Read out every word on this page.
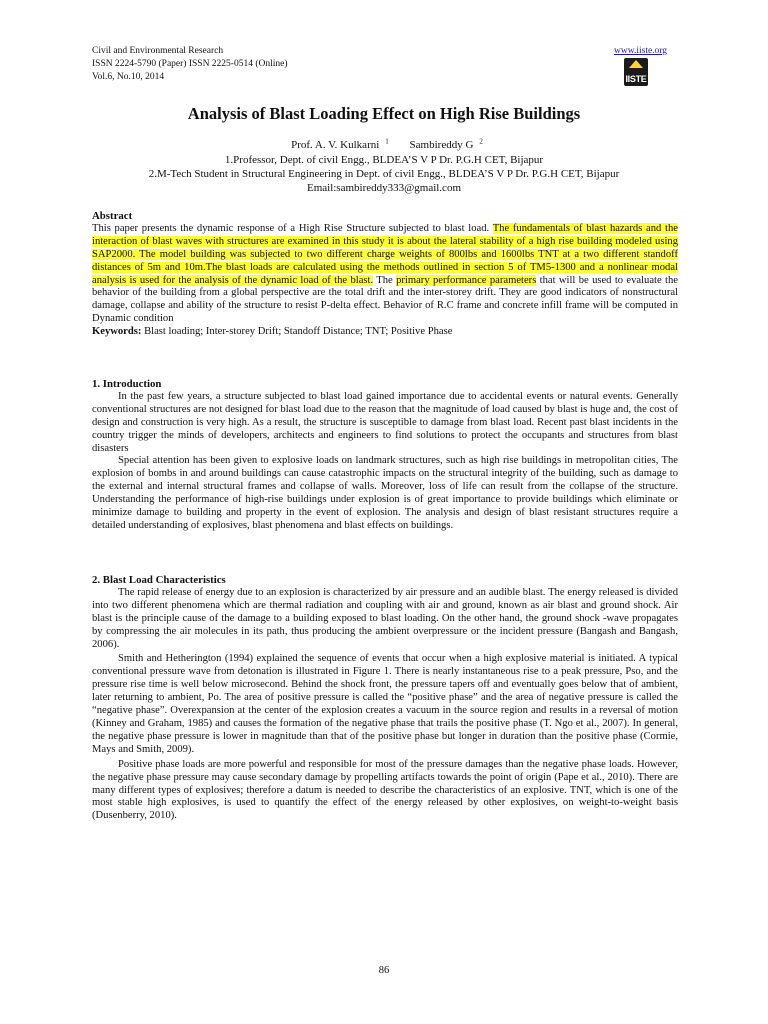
Civil and Environmental Research
ISSN 2224-5790 (Paper) ISSN 2225-0514 (Online)
Vol.6, No.10, 2014
www.iiste.org
IISTE
Analysis of Blast Loading Effect on High Rise Buildings
Prof. A. V. Kulkarni $^1$ Sambireddy G $^2$
1.Professor, Dept. of civil Engg., BLDEA’S V P Dr. P.G.H CET, Bijapur
2.M-Tech Student in Structural Engineering in Dept. of civil Engg., BLDEA’S V P Dr. P.G.H CET, Bijapur
Email:sambireddy333@gmail.com

Abstract

This paper presents the dynamic response of a High Rise Structure subjected to blast load. The fundamentals of blast hazards and the interaction of blast waves with structures are examined in this study it is about the lateral stability of a high rise building modeled using SAP2000. The model building was subjected to two different charge weights of 800lbs and 1600lbs TNT at a two different standoff distances of 5m and 10m.The blast loads are calculated using the methods outlined in section 5 of TM5-1300 and a nonlinear modal analysis is used for the analysis of the dynamic load of the blast. The primary performance parameters that will be used to evaluate the behavior of the building from a global perspective are the total drift and the inter-storey drift. They are good indicators of nonstructural damage, collapse and ability of the structure to resist P-delta effect. Behavior of R.C frame and concrete infill frame will be computed in Dynamic condition

Keywords: Blast loading; Inter-storey Drift; Standoff Distance; TNT; Positive Phase

1. Introduction

In the past few years, a structure subjected to blast load gained importance due to accidental events or natural events. Generally conventional structures are not designed for blast load due to the reason that the magnitude of load caused by blast is huge and, the cost of design and construction is very high. As a result, the structure is susceptible to damage from blast load. Recent past blast incidents in the country trigger the minds of developers, architects and engineers to find solutions to protect the occupants and structures from blast disasters

Special attention has been given to explosive loads on landmark structures, such as high rise buildings in metropolitan cities, The explosion of bombs in and around buildings can cause catastrophic impacts on the structural integrity of the building, such as damage to the external and internal structural frames and collapse of walls. Moreover, loss of life can result from the collapse of the structure. Understanding the performance of high-rise buildings under explosion is of great importance to provide buildings which eliminate or minimize damage to building and property in the event of explosion. The analysis and design of blast resistant structures require a detailed understanding of explosives, blast phenomena and blast effects on buildings.

2. Blast Load Characteristics

The rapid release of energy due to an explosion is characterized by air pressure and an audible blast. The energy released is divided into two different phenomena which are thermal radiation and coupling with air and ground, known as air blast and ground shock. Air blast is the principle cause of the damage to a building exposed to blast loading. On the other hand, the ground shock -wave propagates by compressing the air molecules in its path, thus producing the ambient overpressure or the incident pressure (Bangash and Bangash, 2006).

Smith and Hetherington (1994) explained the sequence of events that occur when a high explosive material is initiated. A typical conventional pressure wave from detonation is illustrated in Figure 1. There is nearly instantaneous rise to a peak pressure, Pso, and the pressure rise time is well below microsecond. Behind the shock front, the pressure tapers off and eventually goes below that of ambient, later returning to ambient, Po. The area of positive pressure is called the “positive phase” and the area of negative pressure is called the “negative phase”. Overexpansion at the center of the explosion creates a vacuum in the source region and results in a reversal of motion (Kinney and Graham, 1985) and causes the formation of the negative phase that trails the positive phase (T. Ngo et al., 2007). In general, the negative phase pressure is lower in magnitude than that of the positive phase but longer in duration than the positive phase (Cormie, Mays and Smith, 2009).

Positive phase loads are more powerful and responsible for most of the pressure damages than the negative phase loads. However, the negative phase pressure may cause secondary damage by propelling artifacts towards the point of origin (Pape et al., 2010). There are many different types of explosives; therefore a datum is needed to describe the characteristics of an explosive. TNT, which is one of the most stable high explosives, is used to quantify the effect of the energy released by other explosives, on weight-to-weight basis (Dusenberry, 2010).

86
